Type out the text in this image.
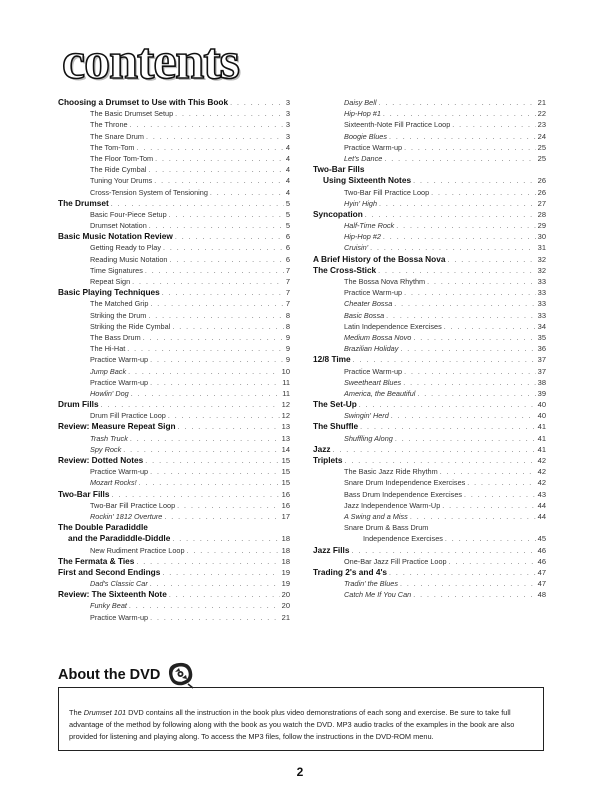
contents
Choosing a Drumset to Use with This Book . . .	3
The Basic Drumset Setup . . .	3
The Throne . . .	3
The Snare Drum . . .	3
The Tom-Tom . . .	4
The Floor Tom-Tom . . .	4
The Ride Cymbal . . .	4
Tuning Your Drums . . .	4
Cross-Tension System of Tensioning . . .	4
The Drumset . . .	5
Basic Four-Piece Setup . . .	5
Drumset Notation . . .	5
Basic Music Notation Review . . .	6
Getting Ready to Play . . .	6
Reading Music Notation . . .	6
Time Signatures . . .	7
Repeat Sign . . .	7
Basic Playing Techniques . . .	7
The Matched Grip . . .	7
Striking the Drum . . .	8
Striking the Ride Cymbal . . .	8
The Bass Drum . . .	9
The Hi-Hat . . .	9
Practice Warm-up . . .	9
Jump Back . . .	10
Practice Warm-up . . .	11
Howlin' Dog . . .	11
Drum Fills . . .	12
Drum Fill Practice Loop . . .	12
Review: Measure Repeat Sign . . .	13
Trash Truck . . .	13
Spy Rock . . .	14
Review: Dotted Notes . . .	15
Practice Warm-up . . .	15
Mozart Rocks! . . .	15
Two-Bar Fills . . .	16
Two-Bar Fill Practice Loop . . .	16
Rockin' 1812 Overture . . .	17
The Double Paradiddle
and the Paradiddle-Diddle . . .	18
New Rudiment Practice Loop . . .	18
The Fermata & Ties . . .	18
First and Second Endings . . .	19
Dad's Classic Car . . .	19
Review: The Sixteenth Note . . .	20
Funky Beat . . .	20
Practice Warm-up . . .	21
Daisy Bell . . .	21
Hip-Hop #1 . . .	22
Sixteenth-Note Fill Practice Loop . . .	23
Boogie Blues . . .	24
Practice Warm-up . . .	25
Let's Dance . . .	25
Two-Bar Fills
Using Sixteenth Notes . . .	26
Two-Bar Fill Practice Loop . . .	26
Hyin' High . . .	27
Syncopation . . .	28
Half-Time Rock . . .	29
Hip-Hop #2 . . .	30
Cruisin' . . .	31
A Brief History of the Bossa Nova . . .	32
The Cross-Stick . . .	32
The Bossa Nova Rhythm . . .	33
Practice Warm-up . . .	33
Cheater Bossa . . .	33
Basic Bossa . . .	33
Latin Independence Exercises . . .	34
Medium Bossa Novo . . .	35
Brazilian Holiday . . .	36
12/8 Time . . .	37
Practice Warm-up . . .	37
Sweetheart Blues . . .	38
America, the Beautiful . . .	39
The Set-Up . . .	40
Swingin' Herd . . .	40
The Shuffle . . .	41
Shuffling Along . . .	41
Jazz . . .	41
Triplets . . .	42
The Basic Jazz Ride Rhythm . . .	42
Snare Drum Independence Exercises . . .	42
Bass Drum Independence Exercises . . .	43
Jazz Independence Warm-Up . . .	44
A Swing and a Miss . . .	44
Snare Drum & Bass Drum
Independence Exercises . . .	45
Jazz Fills . . .	46
One-Bar Jazz Fill Practice Loop . . .	46
Trading 2's and 4's . . .	47
Tradin' the Blues . . .	47
Catch Me If You Can . . .	48
About the DVD

The Drumset 101 DVD contains all the instruction in the book plus video demonstrations of each song and exercise. Be sure to take full advantage of the method by following along with the book as you watch the DVD. MP3 audio tracks of the examples in the book are also provided for listening and playing along. To access the MP3 files, follow the instructions in the DVD-ROM menu.

2
